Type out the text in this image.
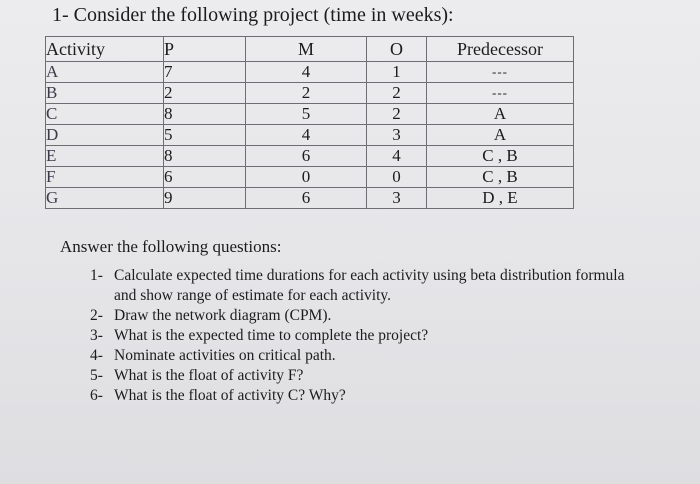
1- Consider the following project (time in weeks):
Activity	P	M	O	Predecessor
A	7	4	1	---
B	2	2	2	---
C	8	5	2	A
D	5	4	3	A
E	8	6	4	C , B
F	6	0	0	C , B
G	9	6	3	D , E
Answer the following questions:
1- Calculate expected time durations for each activity using beta distribution formula
and show range of estimate for each activity.
2- Draw the network diagram (CPM).
3- What is the expected time to complete the project?
4- Nominate activities on critical path.
5- What is the float of activity F?
6- What is the float of activity C? Why?
